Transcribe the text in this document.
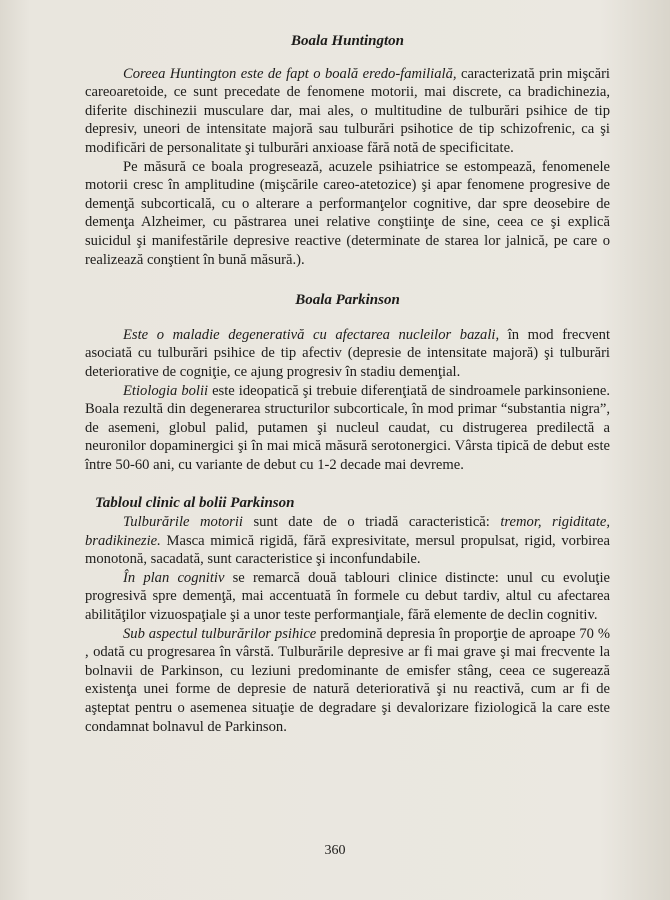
Boala Huntington

Coreea Huntington este de fapt o boală eredo-familială, caracterizată prin mişcări careoaretoide, ce sunt precedate de fenomene motorii, mai discrete, ca bradichinezia, diferite dischinezii musculare dar, mai ales, o multitudine de tulburări psihice de tip depresiv, uneori de intensitate majoră sau tulburări psihotice de tip schizofrenic, ca şi modificări de personalitate şi tulburări anxioase fără notă de specificitate.

Pe măsură ce boala progresează, acuzele psihiatrice se estompează, fenomenele motorii cresc în amplitudine (mişcările careo-atetozice) şi apar fenomene progresive de demenţă subcorticală, cu o alterare a performanţelor cognitive, dar spre deosebire de demenţa Alzheimer, cu păstrarea unei relative conştiinţe de sine, ceea ce şi explică suicidul şi manifestările depresive reactive (determinate de starea lor jalnică, pe care o realizează conştient în bună măsură.).

Boala Parkinson

Este o maladie degenerativă cu afectarea nucleilor bazali, în mod frecvent asociată cu tulburări psihice de tip afectiv (depresie de intensitate majoră) şi tulburări deteriorative de cogniţie, ce ajung progresiv în stadiu demenţial.

Etiologia bolii este ideopatică şi trebuie diferenţiată de sindroamele parkinsoniene. Boala rezultă din degenerarea structurilor subcorticale, în mod primar “substantia nigra”, de asemeni, globul palid, putamen şi nucleul caudat, cu distrugerea predilectă a neuronilor dopaminergici şi în mai mică măsură serotonergici. Vârsta tipică de debut este între 50-60 ani, cu variante de debut cu 1-2 decade mai devreme.

Tabloul clinic al bolii Parkinson

Tulburările motorii sunt date de o triadă caracteristică: tremor, rigiditate, bradikinezie. Masca mimică rigidă, fără expresivitate, mersul propulsat, rigid, vorbirea monotonă, sacadată, sunt caracteristice şi inconfundabile.

În plan cognitiv se remarcă două tablouri clinice distincte: unul cu evoluţie progresivă spre demenţă, mai accentuată în formele cu debut tardiv, altul cu afectarea abilităţilor vizuospaţiale şi a unor teste performanţiale, fără elemente de declin cognitiv.

Sub aspectul tulburărilor psihice predomină depresia în proporţie de aproape 70 % , odată cu progresarea în vârstă. Tulburările depresive ar fi mai grave şi mai frecvente la bolnavii de Parkinson, cu leziuni predominante de emisfer stâng, ceea ce sugerează existenţa unei forme de depresie de natură deteriorativă şi nu reactivă, cum ar fi de aşteptat pentru o asemenea situaţie de degradare şi devalorizare fiziologică la care este condamnat bolnavul de Parkinson.

360
